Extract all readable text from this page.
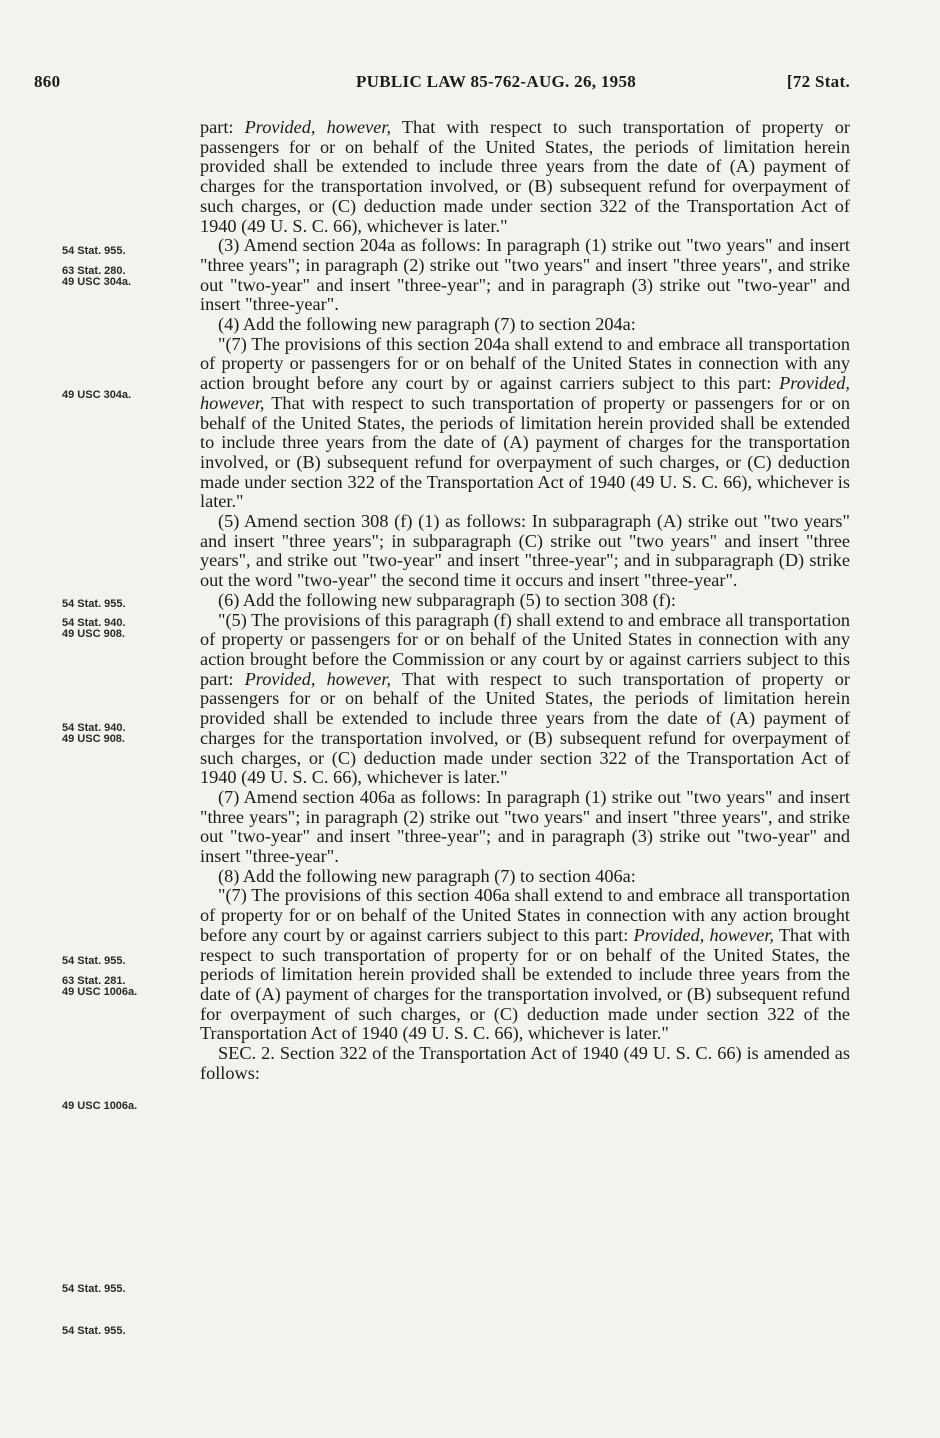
860	PUBLIC LAW 85-762-AUG. 26, 1958	[72 Stat.
54 Stat. 955.
63 Stat. 280.
49 USC 304a.
49 USC 304a.
54 Stat. 955.
54 Stat. 940.
49 USC 908.
54 Stat. 940.
49 USC 908.
54 Stat. 955.
63 Stat. 281.
49 USC 1006a.
49 USC 1006a.
54 Stat. 955.
54 Stat. 955.

part: Provided, however, That with respect to such transportation of property or passengers for or on behalf of the United States, the periods of limitation herein provided shall be extended to include three years from the date of (A) payment of charges for the transportation involved, or (B) subsequent refund for overpayment of such charges, or (C) deduction made under section 322 of the Transportation Act of 1940 (49 U. S. C. 66), whichever is later."

(3) Amend section 204a as follows: In paragraph (1) strike out "two years" and insert "three years"; in paragraph (2) strike out "two years" and insert "three years", and strike out "two-year" and insert "three-year"; and in paragraph (3) strike out "two-year" and insert "three-year".

(4) Add the following new paragraph (7) to section 204a:

"(7) The provisions of this section 204a shall extend to and embrace all transportation of property or passengers for or on behalf of the United States in connection with any action brought before any court by or against carriers subject to this part: Provided, however, That with respect to such transportation of property or passengers for or on behalf of the United States, the periods of limitation herein provided shall be extended to include three years from the date of (A) payment of charges for the transportation involved, or (B) subsequent refund for overpayment of such charges, or (C) deduction made under section 322 of the Transportation Act of 1940 (49 U. S. C. 66), whichever is later."

(5) Amend section 308 (f) (1) as follows: In subparagraph (A) strike out "two years" and insert "three years"; in subparagraph (C) strike out "two years" and insert "three years", and strike out "two-year" and insert "three-year"; and in subparagraph (D) strike out the word "two-year" the second time it occurs and insert "three-year".

(6) Add the following new subparagraph (5) to section 308 (f):

"(5) The provisions of this paragraph (f) shall extend to and embrace all transportation of property or passengers for or on behalf of the United States in connection with any action brought before the Commission or any court by or against carriers subject to this part: Provided, however, That with respect to such transportation of property or passengers for or on behalf of the United States, the periods of limitation herein provided shall be extended to include three years from the date of (A) payment of charges for the transportation involved, or (B) subsequent refund for overpayment of such charges, or (C) deduction made under section 322 of the Transportation Act of 1940 (49 U. S. C. 66), whichever is later."

(7) Amend section 406a as follows: In paragraph (1) strike out "two years" and insert "three years"; in paragraph (2) strike out "two years" and insert "three years", and strike out "two-year" and insert "three-year"; and in paragraph (3) strike out "two-year" and insert "three-year".

(8) Add the following new paragraph (7) to section 406a:

"(7) The provisions of this section 406a shall extend to and embrace all transportation of property for or on behalf of the United States in connection with any action brought before any court by or against carriers subject to this part: Provided, however, That with respect to such transportation of property for or on behalf of the United States, the periods of limitation herein provided shall be extended to include three years from the date of (A) payment of charges for the transportation involved, or (B) subsequent refund for overpayment of such charges, or (C) deduction made under section 322 of the Transportation Act of 1940 (49 U. S. C. 66), whichever is later."

SEC. 2. Section 322 of the Transportation Act of 1940 (49 U. S. C. 66) is amended as follows:
